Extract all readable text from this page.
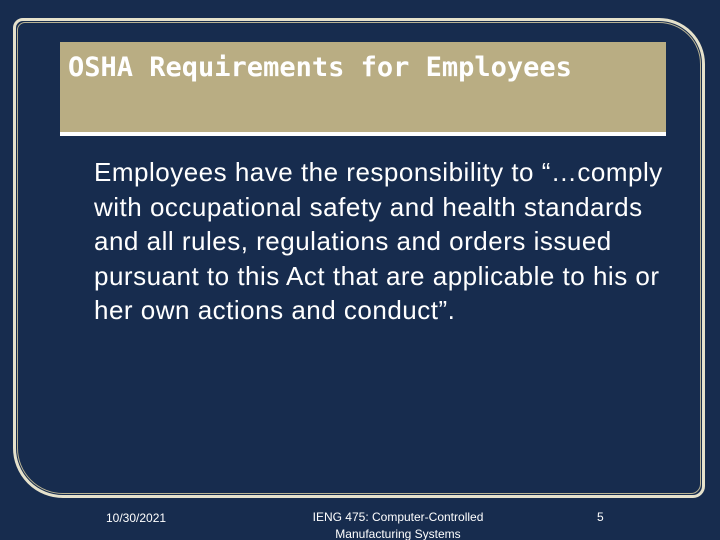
OSHA Requirements for Employees

Employees have the responsibility to “…comply with occupational safety and health standards and all rules, regulations and orders issued pursuant to this Act that are applicable to his or her own actions and conduct”.

10/30/2021	IENG 475: Computer-Controlled Manufacturing Systems
5
